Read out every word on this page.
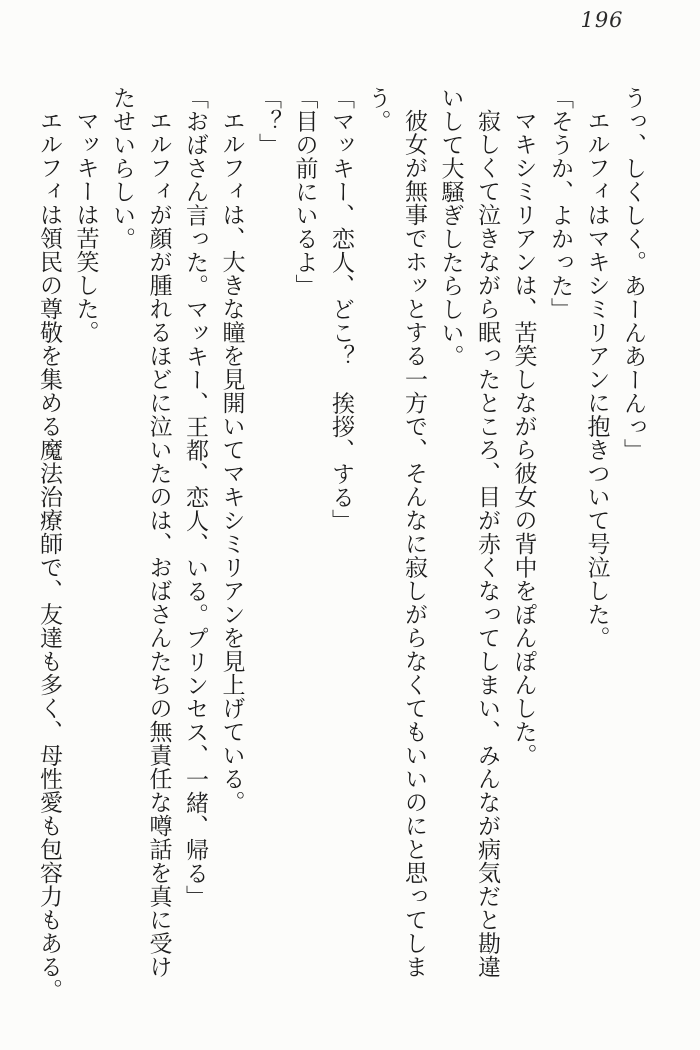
196

うっ、しくしく。あーんあーんっ」

エルフィはマキシミリアンに抱きついて号泣した。

「そうか、よかった」

マキシミリアンは、苦笑しながら彼女の背中をぽんぽんした。

寂しくて泣きながら眠ったところ、目が赤くなってしまい、みんなが病気だと勘違

いして大騒ぎしたらしい。

彼女が無事でホッとする一方で、そんなに寂しがらなくてもいいのにと思ってしま

う。

「マッキー、恋人、どこ？　挨拶、する」

「目の前にいるよ」

「？」

エルフィは、大きな瞳を見開いてマキシミリアンを見上げている。

「おばさん言った。マッキー、王都、恋人、いる。プリンセス、一緒、帰る」

エルフィが顔が腫れるほどに泣いたのは、おばさんたちの無責任な噂話を真に受け

たせいらしい。

マッキーは苦笑した。

エルフィは領民の尊敬を集める魔法治療師で、友達も多く、母性愛も包容力もある。
